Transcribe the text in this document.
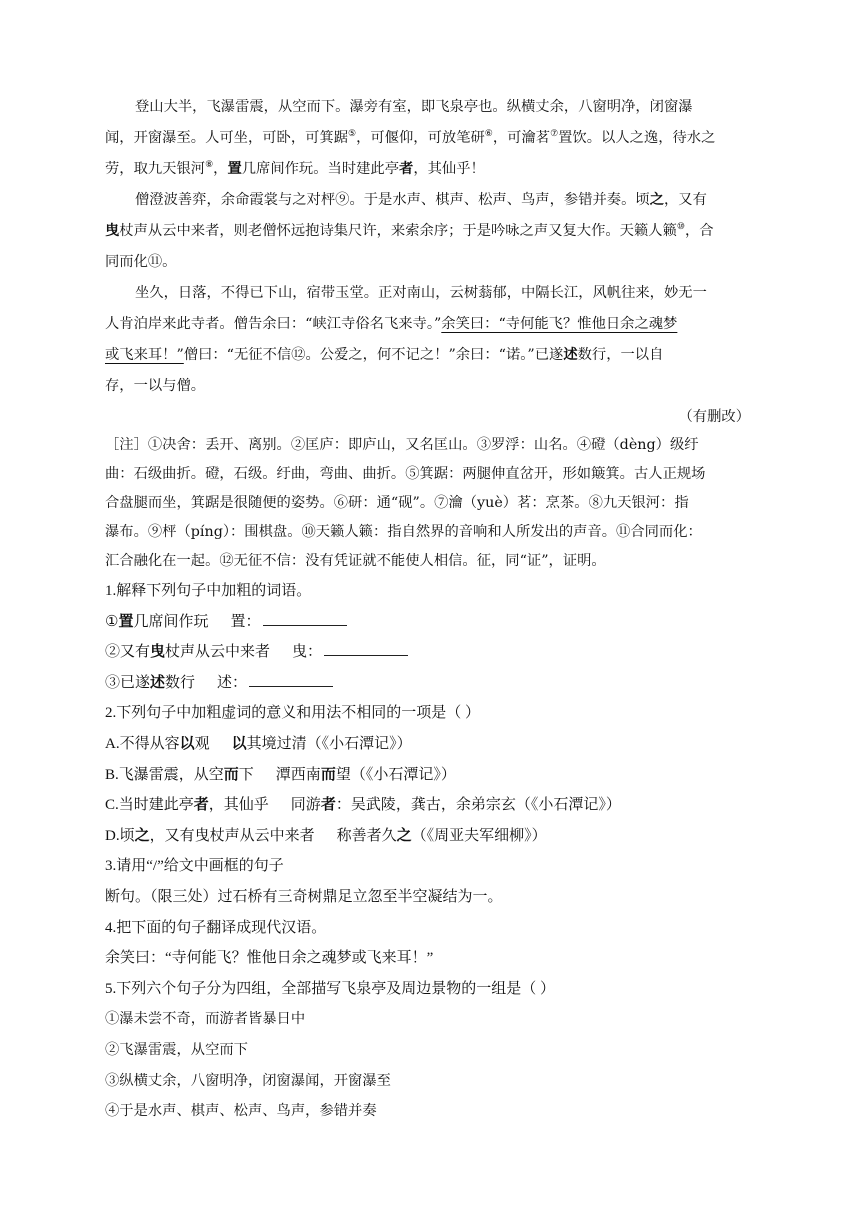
登山大半，飞瀑雷震，从空而下。瀑旁有室，即飞泉亭也。纵横丈余，八窗明净，闭窗瀑
闻，开窗瀑至。人可坐，可卧，可箕踞⑤，可偃仰，可放笔研⑥，可瀹茗⑦置饮。以人之逸，待水之
劳，取九天银河⑧，置几席间作玩。当时建此亭者，其仙乎！
僧澄波善弈，余命霞裳与之对枰⑨。于是水声、棋声、松声、鸟声，参错并奏。顷之，又有
曳杖声从云中来者，则老僧怀远抱诗集尺许，来索余序；于是吟咏之声又复大作。天籁人籁⑩，合
同而化⑪。
坐久，日落，不得已下山，宿带玉堂。正对南山，云树蓊郁，中隔长江，风帆往来，妙无一
人肯泊岸来此寺者。僧告余曰：“峡江寺俗名飞来寺。”余笑曰：“寺何能飞？惟他日余之魂梦
或飞来耳！”僧曰：“无征不信⑫。公爱之，何不记之！”余曰：“诺。”已遂述数行，一以自
存，一以与僧。

（有删改）

［注］①决舍：丢开、离别。②匡庐：即庐山，又名匡山。③罗浮：山名。④磴（dèng）级纡

曲：石级曲折。磴，石级。纡曲，弯曲、曲折。⑤箕踞：两腿伸直岔开，形如簸箕。古人正规场

合盘腿而坐，箕踞是很随便的姿势。⑥研：通“砚”。⑦瀹（yuè）茗：烹茶。⑧九天银河：指

瀑布。⑨枰（píng）：围棋盘。⑩天籁人籁：指自然界的音响和人所发出的声音。⑪合同而化：

汇合融化在一起。⑫无征不信：没有凭证就不能使人相信。征，同“证”，证明。

1.解释下列句子中加粗的词语。

①置几席间作玩 置：

②又有曳杖声从云中来者 曳：

③已遂述数行 述：

2.下列句子中加粗虚词的意义和用法不相同的一项是（ ）

A.不得从容以观 以其境过清（《小石潭记》）

B.飞瀑雷震，从空而下 潭西南而望（《小石潭记》）

C.当时建此亭者，其仙乎 同游者：吴武陵，龚古，余弟宗玄（《小石潭记》）

D.顷之，又有曳杖声从云中来者 称善者久之（《周亚夫军细柳》）

3.请用“/”给文中画框的句子

断句。（限三处）过石桥有三奇树鼎足立忽至半空凝结为一。

4.把下面的句子翻译成现代汉语。

余笑曰：“寺何能飞？惟他日余之魂梦或飞来耳！”

5.下列六个句子分为四组，全部描写飞泉亭及周边景物的一组是（ ）

①瀑未尝不奇，而游者皆暴日中

②飞瀑雷震，从空而下

③纵横丈余，八窗明净，闭窗瀑闻，开窗瀑至

④于是水声、棋声、松声、鸟声，参错并奏
